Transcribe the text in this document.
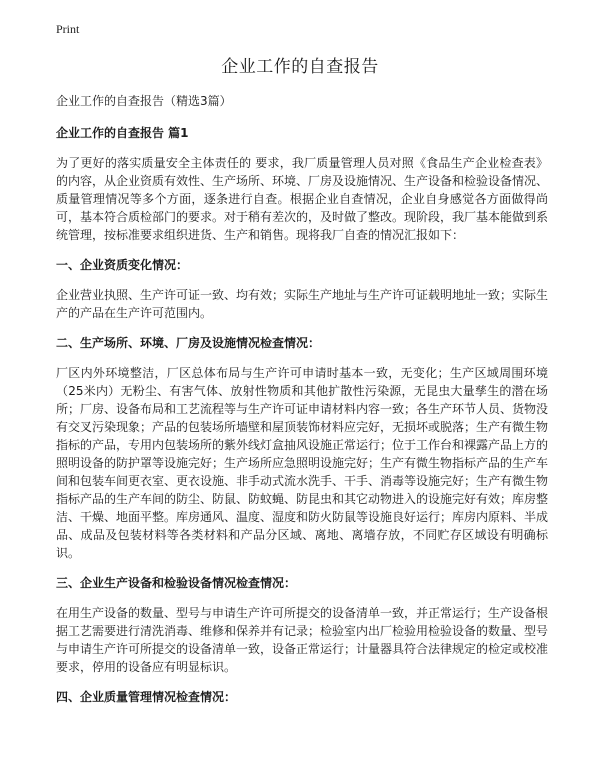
Print
企业工作的自查报告

企业工作的自查报告（精选3篇）

企业工作的自查报告 篇1

为了更好的落实质量安全主体责任的 要求，我厂质量管理人员对照《食品生产企业检查表》的内容，从企业资质有效性、生产场所、环境、厂房及设施情况、生产设备和检验设备情况、质量管理情况等多个方面，逐条进行自查。根据企业自查情况，企业自身感觉各方面做得尚可，基本符合质检部门的要求。对于稍有差次的，及时做了整改。现阶段，我厂基本能做到系统管理，按标准要求组织进货、生产和销售。现将我厂自查的情况汇报如下：

一、企业资质变化情况：

企业营业执照、生产许可证一致、均有效；实际生产地址与生产许可证载明地址一致；实际生产的产品在生产许可范围内。

二、生产场所、环境、厂房及设施情况检查情况：

厂区内外环境整洁，厂区总体布局与生产许可申请时基本一致，无变化；生产区域周围环境（25米内）无粉尘、有害气体、放射性物质和其他扩散性污染源，无昆虫大量孳生的潜在场所；厂房、设备布局和工艺流程等与生产许可证申请材料内容一致；各生产环节人员、货物没有交叉污染现象；产品的包装场所墙壁和屋顶装饰材料应完好，无损坏或脱落；生产有微生物指标的产品，专用内包装场所的紫外线灯盒抽风设施正常运行；位于工作台和裸露产品上方的照明设备的防护罩等设施完好；生产场所应急照明设施完好；生产有微生物指标产品的生产车间和包装车间更衣室、更衣设施、非手动式流水洗手、干手、消毒等设施完好；生产有微生物指标产品的生产车间的防尘、防鼠、防蚊蝇、防昆虫和其它动物进入的设施完好有效；库房整洁、干燥、地面平整。库房通风、温度、湿度和防火防鼠等设施良好运行；库房内原料、半成品、成品及包装材料等各类材料和产品分区域、离地、离墙存放，不同贮存区域设有明确标识。

三、企业生产设备和检验设备情况检查情况：

在用生产设备的数量、型号与申请生产许可所提交的设备清单一致，并正常运行；生产设备根据工艺需要进行清洗消毒、维修和保养并有记录；检验室内出厂检验用检验设备的数量、型号与申请生产许可所提交的设备清单一致，设备正常运行；计量器具符合法律规定的检定或校准要求，停用的设备应有明显标识。

四、企业质量管理情况检查情况：
